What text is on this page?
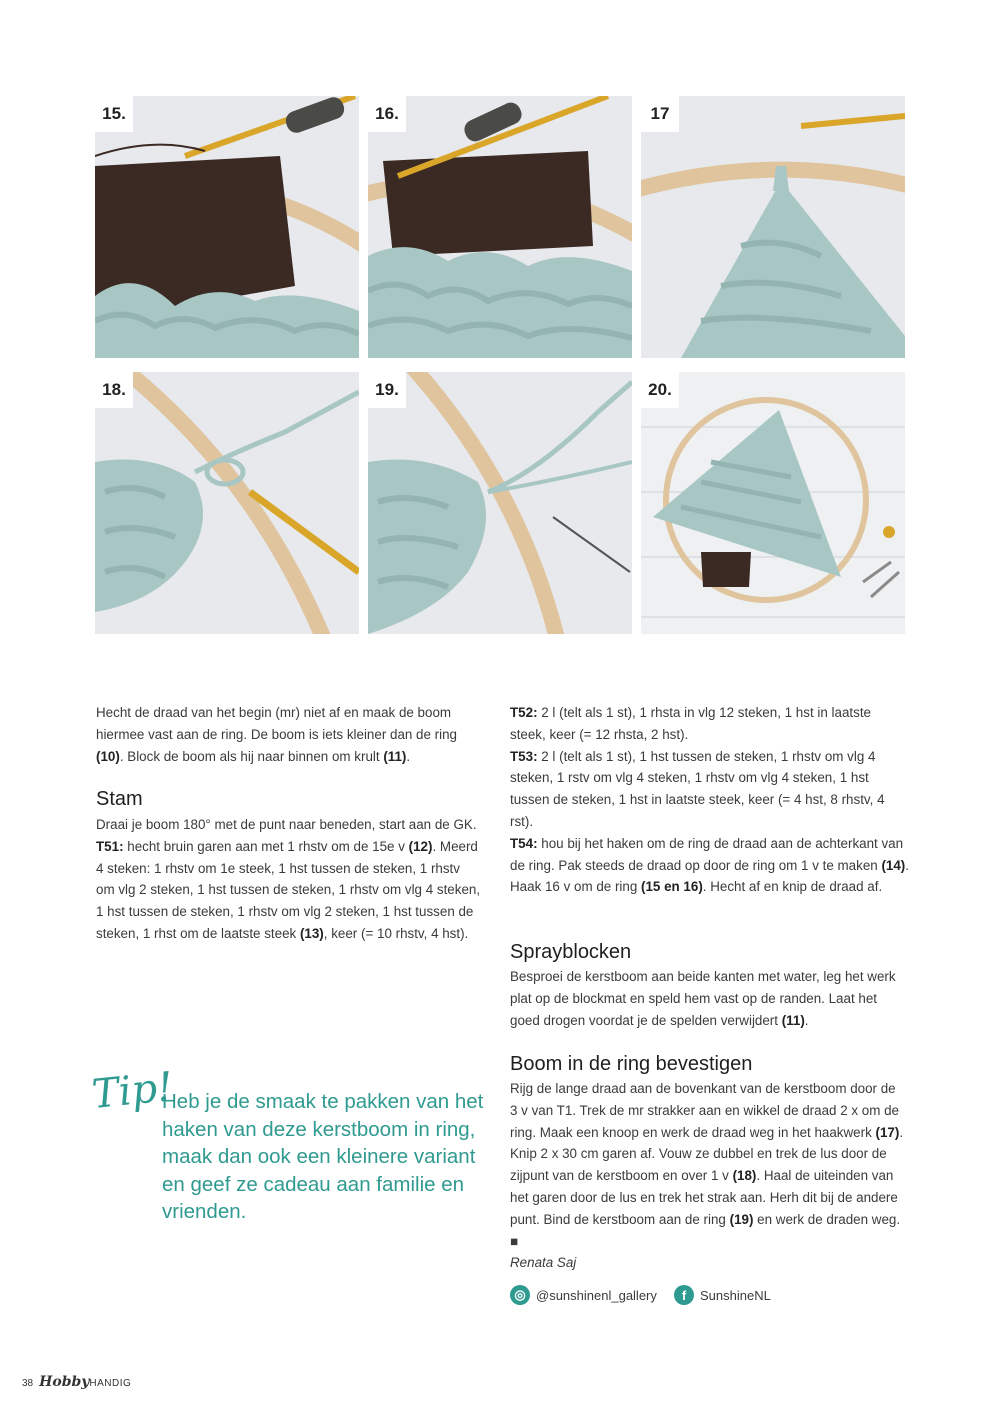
15.	16.	17
18.	19.	20.
Hecht de draad van het begin (mr) niet af en maak de boom hiermee vast aan de ring. De boom is iets kleiner dan de ring (10). Block de boom als hij naar binnen om krult (11).
Stam

Draai je boom 180° met de punt naar beneden, start aan de GK.

T51: hecht bruin garen aan met 1 rhstv om de 15e v (12). Meerd 4 steken: 1 rhstv om 1e steek, 1 hst tussen de steken, 1 rhstv om vlg 2 steken, 1 hst tussen de steken, 1 rhstv om vlg 4 steken, 1 hst tussen de steken, 1 rhstv om vlg 2 steken, 1 hst tussen de steken, 1 rhst om de laatste steek (13), keer (= 10 rhstv, 4 hst).

Tip!
Heb je de smaak te pakken van het haken van deze kerstboom in ring, maak dan ook een kleinere variant en geef ze cadeau aan familie en vrienden.

T52: 2 l (telt als 1 st), 1 rhsta in vlg 12 steken, 1 hst in laatste steek, keer (= 12 rhsta, 2 hst).

T53: 2 l (telt als 1 st), 1 hst tussen de steken, 1 rhstv om vlg 4 steken, 1 rstv om vlg 4 steken, 1 rhstv om vlg 4 steken, 1 hst tussen de steken, 1 hst in laatste steek, keer (= 4 hst, 8 rhstv, 4 rst).

T54: hou bij het haken om de ring de draad aan de achterkant van de ring. Pak steeds de draad op door de ring om 1 v te maken (14). Haak 16 v om de ring (15 en 16). Hecht af en knip de draad af.

Sprayblocken
Besproei de kerstboom aan beide kanten met water, leg het werk plat op de blockmat en speld hem vast op de randen. Laat het goed drogen voordat je de spelden verwijdert (11).
Boom in de ring bevestigen

Rijg de lange draad aan de bovenkant van de kerstboom door de 3 v van T1. Trek de mr strakker aan en wikkel de draad 2 x om de ring. Maak een knoop en werk de draad weg in het haakwerk (17). Knip 2 x 30 cm garen af. Vouw ze dubbel en trek de lus door de zijpunt van de kerstboom en over 1 v (18). Haal de uiteinden van het garen door de lus en trek het strak aan. Herh dit bij de andere punt. Bind de kerstboom aan de ring (19) en werk de draden weg. ■

Renata Saj

◎ @sunshinenl_gallery	f	SunshineNL
38 Hobby HANDIG
